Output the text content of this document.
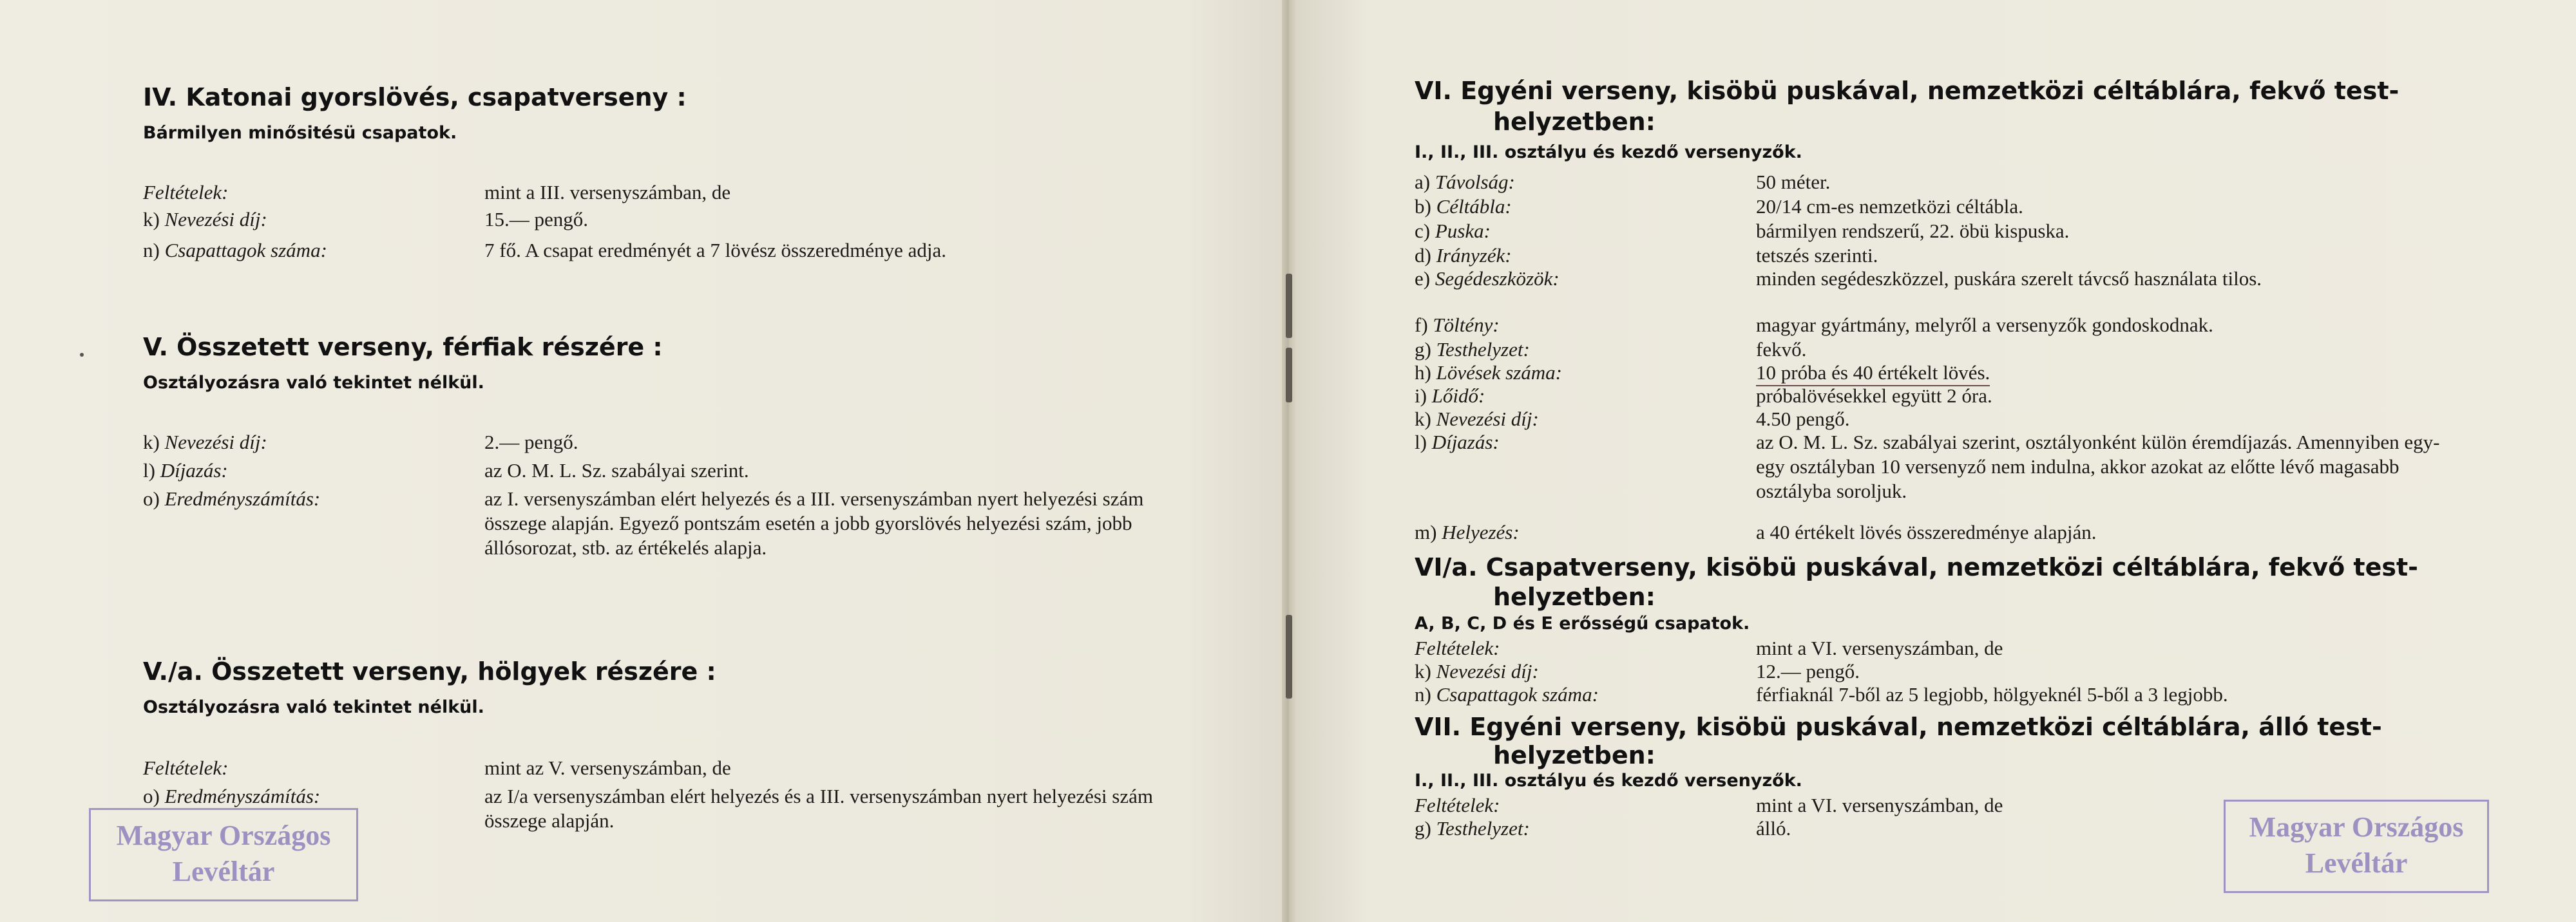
IV. Katonai gyorslövés, csapatverseny :

Bármilyen minősitésü csapatok.

Feltételek:	mint a III. versenyszámban, de
k) Nevezési díj:	15.— pengő.
n) Csapattagok száma:	7 fő. A csapat eredményét a 7 lövész összeredménye adja.
V. Összetett verseny, férfiak részére :

Osztályozásra való tekintet nélkül.

k) Nevezési díj:	2.— pengő.
l) Díjazás:	az O. M. L. Sz. szabályai szerint.
o) Eredményszámítás:	az I. versenyszámban elért helyezés és a III. versenyszámban nyert helyezési szám összege alapján. Egyező pontszám esetén a jobb gyorslövés helyezési szám, jobb állósorozat, stb. az értékelés alapja.
V./a. Összetett verseny, hölgyek részére :

Osztályozásra való tekintet nélkül.

Feltételek:	mint az V. versenyszámban, de
o) Eredményszámítás:	az I/a versenyszámban elért helyezés és a III. versenyszámban nyert helyezési szám összege alapján.
Magyar Országos
Levéltár
VI. Egyéni verseny, kisöbü puskával, nemzetközi céltáblára, fekvő test-
helyzetben:

I., II., III. osztályu és kezdő versenyzők.

a) Távolság:	50 méter.
b) Céltábla:	20/14 cm-es nemzetközi céltábla.
c) Puska:	bármilyen rendszerű, 22. öbü kispuska.
d) Irányzék:	tetszés szerinti.
e) Segédeszközök:	minden segédeszközzel, puskára szerelt távcső használata tilos.
f) Töltény:	magyar gyártmány, melyről a versenyzők gondoskodnak.
g) Testhelyzet:	fekvő.
h) Lövések száma:	10 próba és 40 értékelt lövés.
i) Lőidő:	próbalövésekkel együtt 2 óra.
k) Nevezési díj:	4.50 pengő.
l) Díjazás:	az O. M. L. Sz. szabályai szerint, osztályonként külön éremdíjazás. Amennyiben egy-egy osztályban 10 versenyző nem indulna, akkor azokat az előtte lévő magasabb osztályba soroljuk.
m) Helyezés:	a 40 értékelt lövés összeredménye alapján.
VI/a. Csapatverseny, kisöbü puskával, nemzetközi céltáblára, fekvő test-
helyzetben:

A, B, C, D és E erősségű csapatok.

Feltételek:	mint a VI. versenyszámban, de
k) Nevezési díj:	12.— pengő.
n) Csapattagok száma:	férfiaknál 7-ből az 5 legjobb, hölgyeknél 5-ből a 3 legjobb.
VII. Egyéni verseny, kisöbü puskával, nemzetközi céltáblára, álló test-
helyzetben:

I., II., III. osztályu és kezdő versenyzők.

Feltételek:	mint a VI. versenyszámban, de
g) Testhelyzet:	álló.	Magyar Országos
Levéltár
